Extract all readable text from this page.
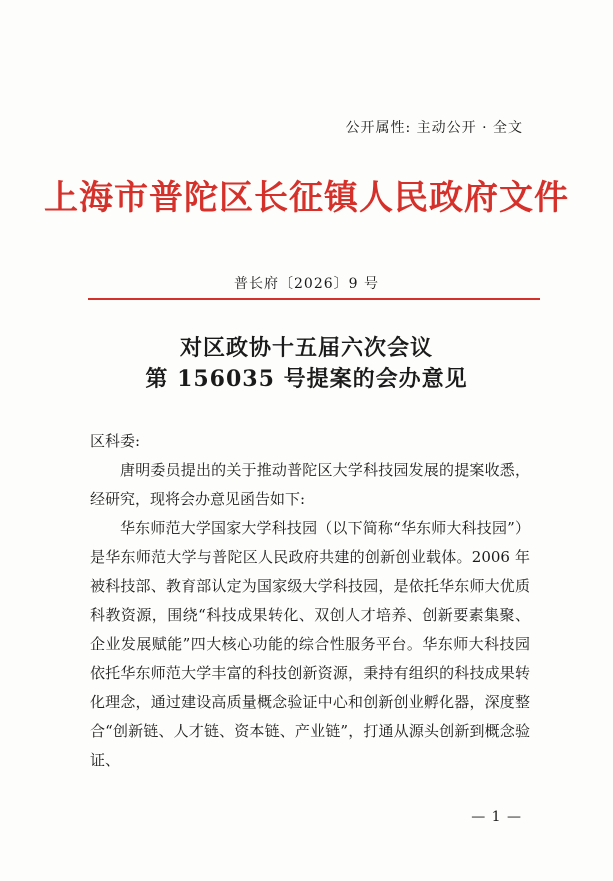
公开属性: 主动公开 · 全文
上海市普陀区长征镇人民政府文件
普长府〔2026〕9 号
对区政协十五届六次会议
第 156035 号提案的会办意见

区科委:

唐明委员提出的关于推动普陀区大学科技园发展的提案收悉，经研究，现将会办意见函告如下:

华东师范大学国家大学科技园（以下简称“华东师大科技园”）是华东师范大学与普陀区人民政府共建的创新创业载体。2006 年被科技部、教育部认定为国家级大学科技园，是依托华东师大优质科教资源，围绕“科技成果转化、双创人才培养、创新要素集聚、企业发展赋能”四大核心功能的综合性服务平台。华东师大科技园依托华东师范大学丰富的科技创新资源，秉持有组织的科技成果转化理念，通过建设高质量概念验证中心和创新创业孵化器，深度整合“创新链、人才链、资本链、产业链”，打通从源头创新到概念验证、

— 1 —
